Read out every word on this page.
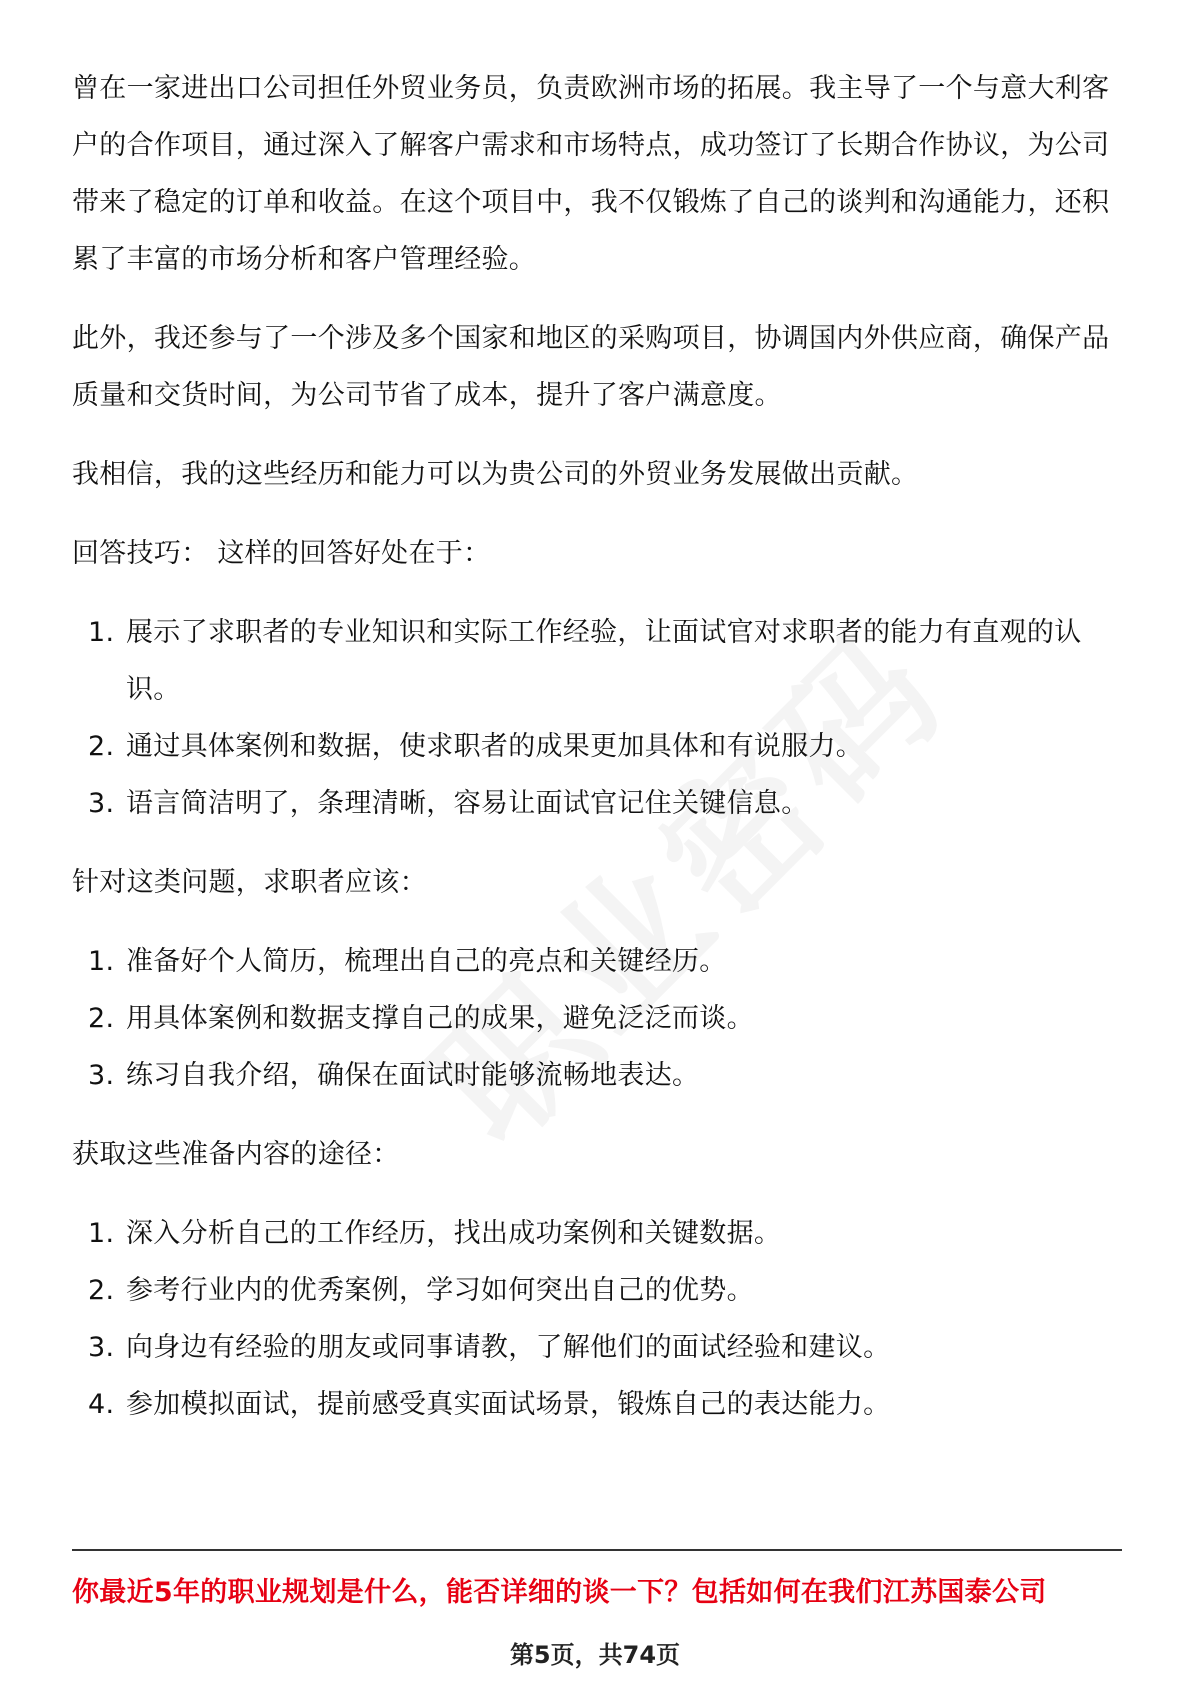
曾在一家进出口公司担任外贸业务员，负责欧洲市场的拓展。我主导了一个与意大利客户的合作项目，通过深入了解客户需求和市场特点，成功签订了长期合作协议，为公司带来了稳定的订单和收益。在这个项目中，我不仅锻炼了自己的谈判和沟通能力，还积累了丰富的市场分析和客户管理经验。

此外，我还参与了一个涉及多个国家和地区的采购项目，协调国内外供应商，确保产品质量和交货时间，为公司节省了成本，提升了客户满意度。

我相信，我的这些经历和能力可以为贵公司的外贸业务发展做出贡献。

回答技巧： 这样的回答好处在于：

1. 展示了求职者的专业知识和实际工作经验，让面试官对求职者的能力有直观的认识。
2. 通过具体案例和数据，使求职者的成果更加具体和有说服力。
3. 语言简洁明了，条理清晰，容易让面试官记住关键信息。

针对这类问题，求职者应该：

1. 准备好个人简历，梳理出自己的亮点和关键经历。
2. 用具体案例和数据支撑自己的成果，避免泛泛而谈。
3. 练习自我介绍，确保在面试时能够流畅地表达。

获取这些准备内容的途径：

1. 深入分析自己的工作经历，找出成功案例和关键数据。
2. 参考行业内的优秀案例，学习如何突出自己的优势。
3. 向身边有经验的朋友或同事请教，了解他们的面试经验和建议。
4. 参加模拟面试，提前感受真实面试场景，锻炼自己的表达能力。
你最近5年的职业规划是什么，能否详细的谈一下？包括如何在我们江苏国泰公司
第5页，共74页
